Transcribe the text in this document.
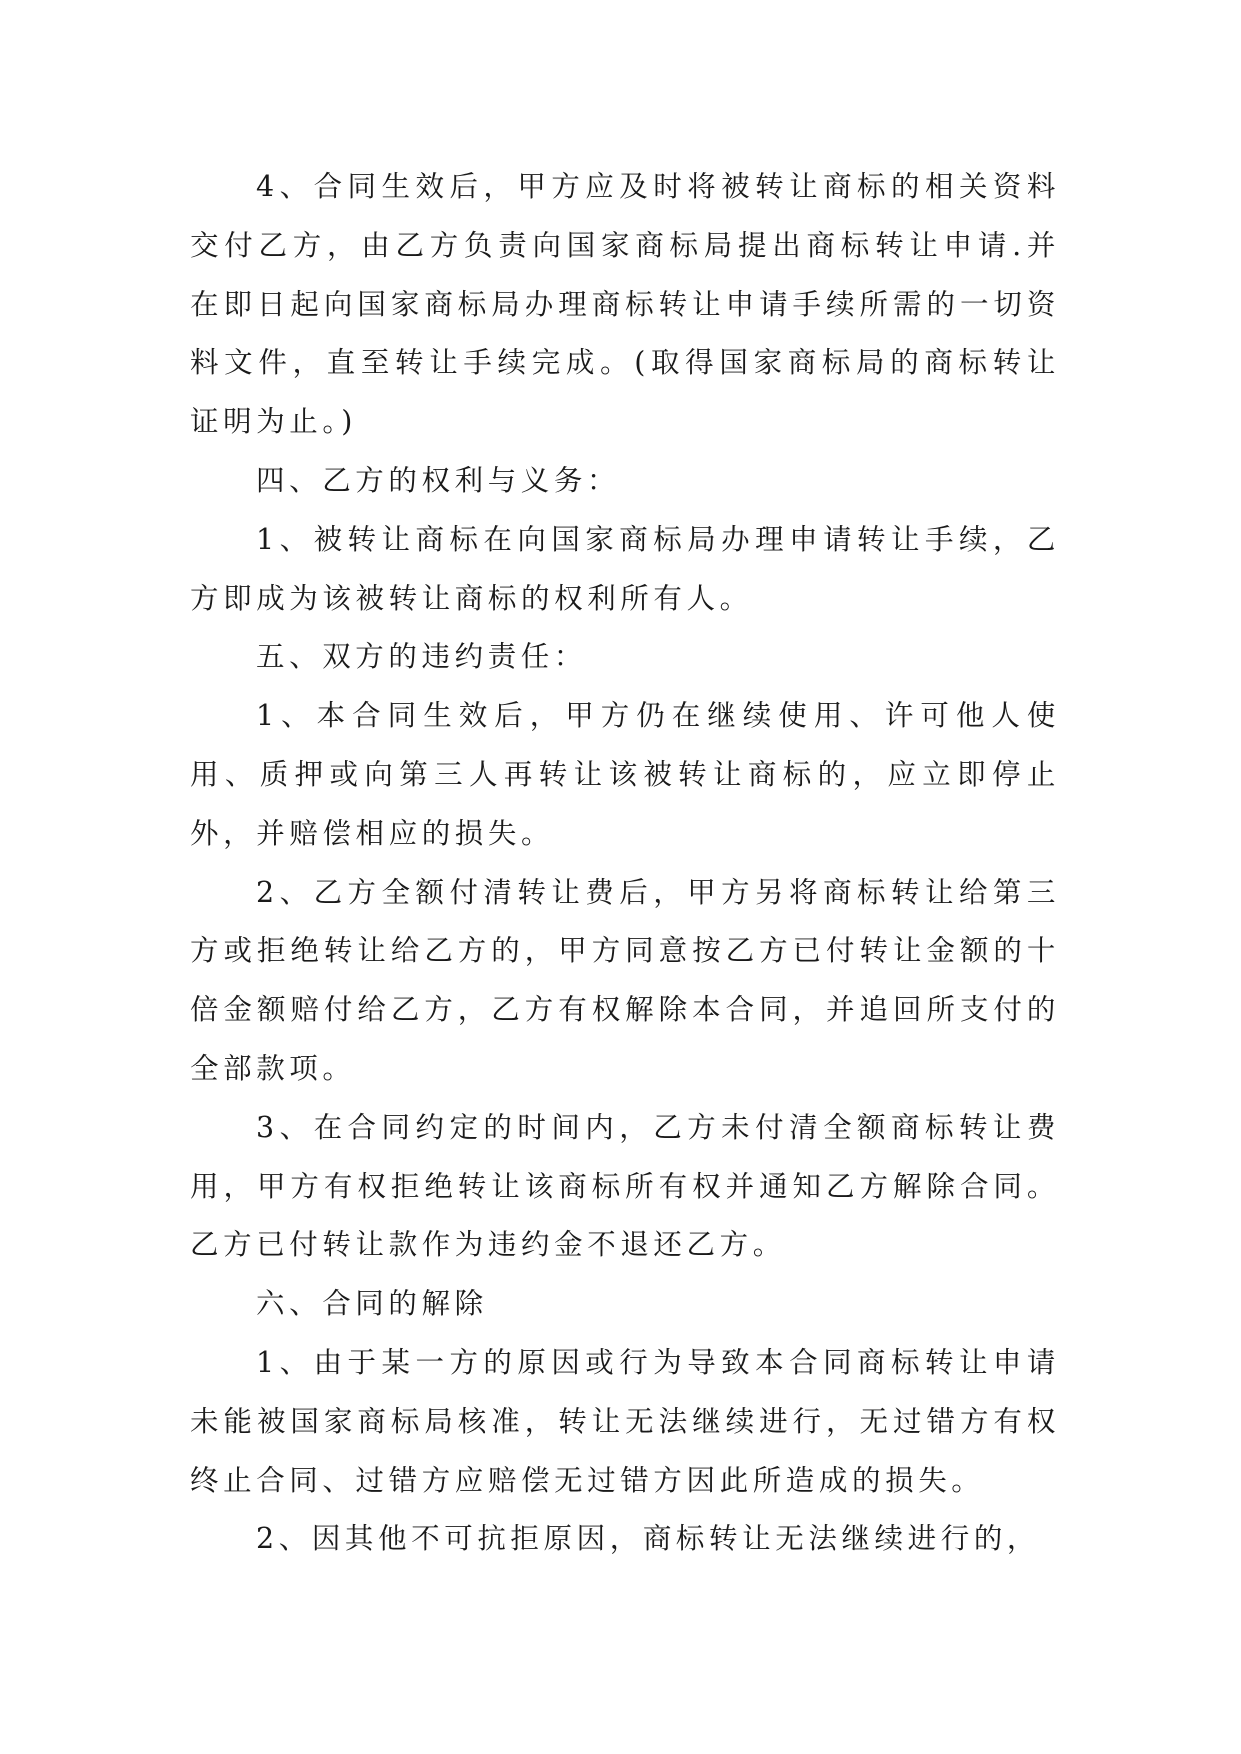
4、合同生效后，甲方应及时将被转让商标的相关资料交付乙方，由乙方负责向国家商标局提出商标转让申请.并在即日起向国家商标局办理商标转让申请手续所需的一切资料文件，直至转让手续完成。(取得国家商标局的商标转让证明为止。)

四、乙方的权利与义务：

1、被转让商标在向国家商标局办理申请转让手续，乙方即成为该被转让商标的权利所有人。

五、双方的违约责任：

1、本合同生效后，甲方仍在继续使用、许可他人使用、质押或向第三人再转让该被转让商标的，应立即停止外，并赔偿相应的损失。

2、乙方全额付清转让费后，甲方另将商标转让给第三方或拒绝转让给乙方的，甲方同意按乙方已付转让金额的十倍金额赔付给乙方，乙方有权解除本合同，并追回所支付的全部款项。

3、在合同约定的时间内，乙方未付清全额商标转让费用，甲方有权拒绝转让该商标所有权并通知乙方解除合同。乙方已付转让款作为违约金不退还乙方。

六、合同的解除

1、由于某一方的原因或行为导致本合同商标转让申请未能被国家商标局核准，转让无法继续进行，无过错方有权终止合同、过错方应赔偿无过错方因此所造成的损失。

2、因其他不可抗拒原因，商标转让无法继续进行的，
